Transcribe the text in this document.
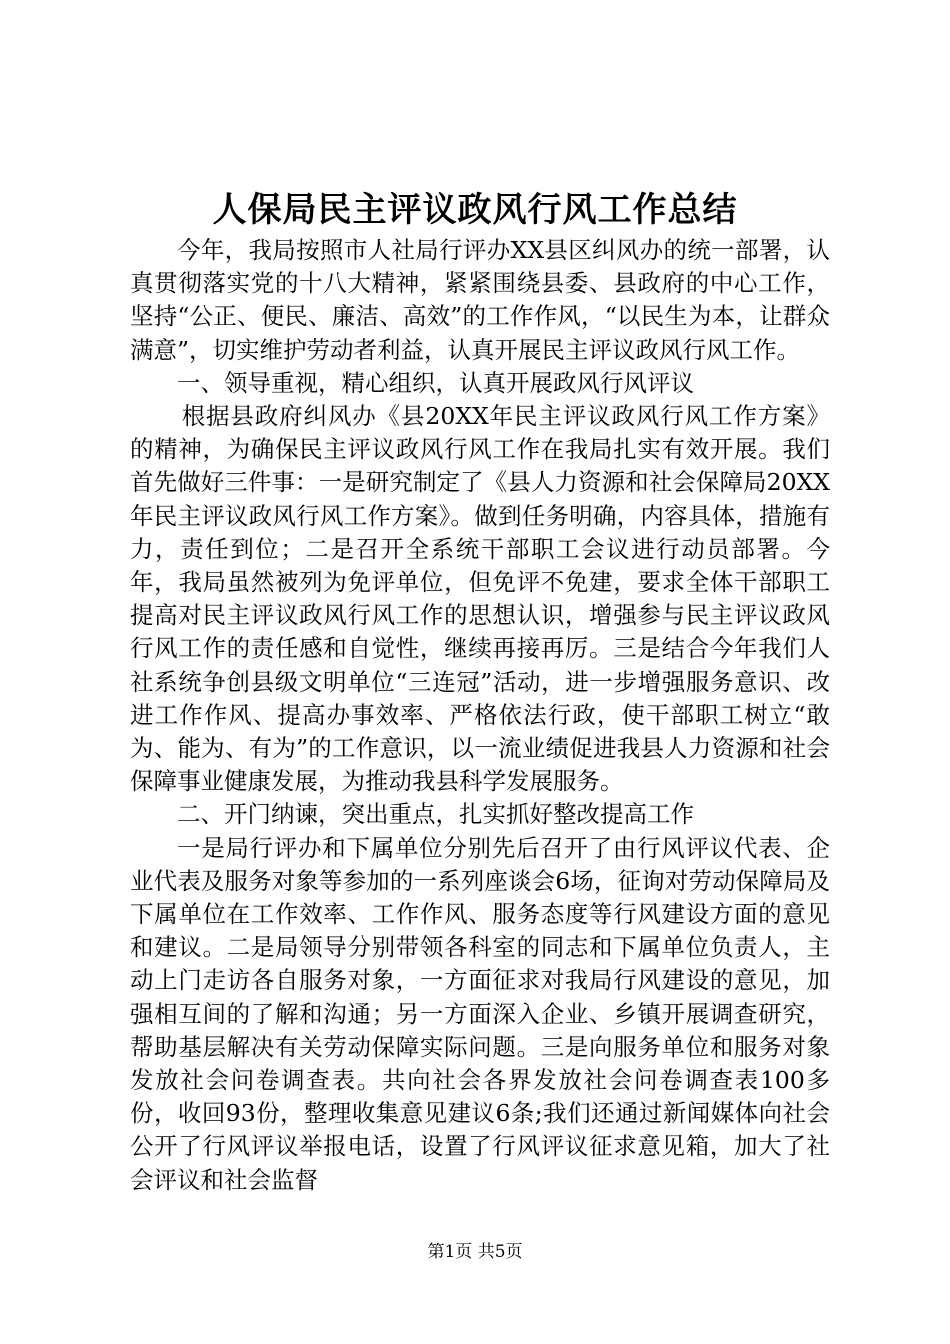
人保局民主评议政风行风工作总结

今年，我局按照市人社局行评办XX县区纠风办的统一部署，认真贯彻落实党的十八大精神，紧紧围绕县委、县政府的中心工作，坚持“公正、便民、廉洁、高效”的工作作风，“以民生为本，让群众满意”，切实维护劳动者利益，认真开展民主评议政风行风工作。

一、领导重视，精心组织，认真开展政风行风评议

根据县政府纠风办《县20XX年民主评议政风行风工作方案》的精神，为确保民主评议政风行风工作在我局扎实有效开展。我们首先做好三件事：一是研究制定了《县人力资源和社会保障局20XX年民主评议政风行风工作方案》。做到任务明确，内容具体，措施有力，责任到位；二是召开全系统干部职工会议进行动员部署。今年，我局虽然被列为免评单位，但免评不免建，要求全体干部职工提高对民主评议政风行风工作的思想认识，增强参与民主评议政风行风工作的责任感和自觉性，继续再接再厉。三是结合今年我们人社系统争创县级文明单位“三连冠”活动，进一步增强服务意识、改进工作作风、提高办事效率、严格依法行政，使干部职工树立“敢为、能为、有为”的工作意识，以一流业绩促进我县人力资源和社会保障事业健康发展，为推动我县科学发展服务。

二、开门纳谏，突出重点，扎实抓好整改提高工作

一是局行评办和下属单位分别先后召开了由行风评议代表、企业代表及服务对象等参加的一系列座谈会6场，征询对劳动保障局及下属单位在工作效率、工作作风、服务态度等行风建设方面的意见和建议。二是局领导分别带领各科室的同志和下属单位负责人，主动上门走访各自服务对象，一方面征求对我局行风建设的意见，加强相互间的了解和沟通；另一方面深入企业、乡镇开展调查研究，帮助基层解决有关劳动保障实际问题。三是向服务单位和服务对象发放社会问卷调查表。共向社会各界发放社会问卷调查表100多份，收回93份，整理收集意见建议6条;我们还通过新闻媒体向社会公开了行风评议举报电话，设置了行风评议征求意见箱，加大了社会评议和社会监督

第1页 共5页
